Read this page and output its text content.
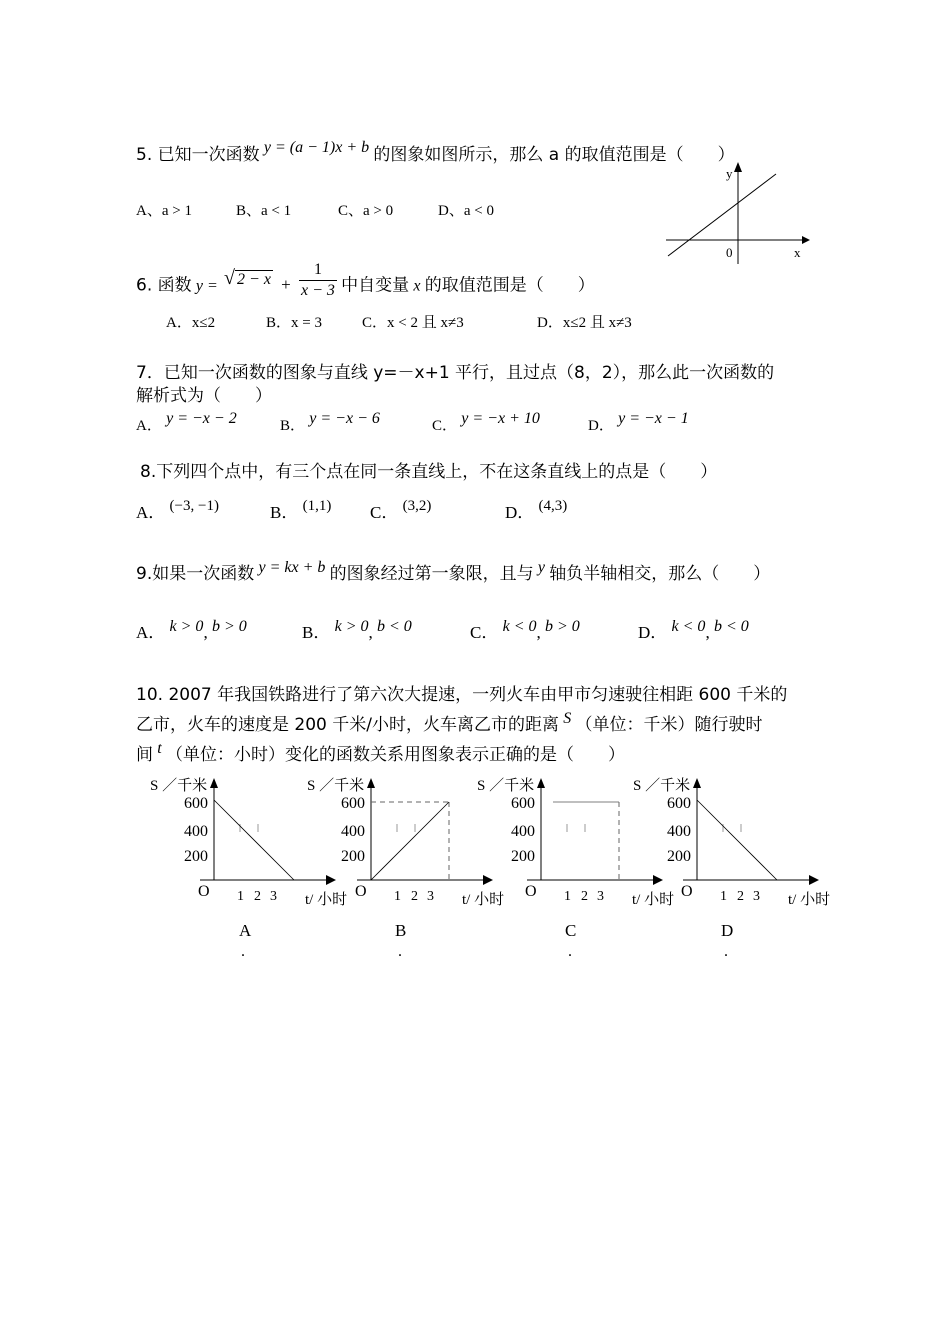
5. 已知一次函数 y = (a − 1)x + b 的图象如图所示，那么 a 的取值范围是（　　）
A、a > 1	B、a < 1	C、a > 0	D、a < 0
y
x
0
6. 函数 y = √ $2 - x + \frac{1}{x - 3}$ 中自变量 x 的取值范围是（　　）
A．x≤2	B．x = 3	C．x < 2 且 x≠3	D．x≤2 且 x≠3
7．已知一次函数的图象与直线 y=－x+1 平行，且过点（8，2），那么此一次函数的
解析式为（　　）
A． y = −x − 2	B． y = −x − 6	C． y = −x + 10	D． y = −x − 1
8.下列四个点中，有三个点在同一条直线上，不在这条直线上的点是（　　）
A． (−3, −1)	B． (1,1) C． (3,2)	D． (4,3)
9.如果一次函数 y = kx + b 的图象经过第一象限，且与 y 轴负半轴相交，那么（　　）
A． k > 0, b > 0	B． k > 0, b < 0	C． k < 0, b > 0	D． k < 0, b < 0
10. 2007 年我国铁路进行了第六次大提速，一列火车由甲市匀速驶往相距 600 千米的
乙市，火车的速度是 200 千米/小时，火车离乙市的距离 S （单位：千米）随行驶时
间 t （单位：小时）变化的函数关系用图象表示正确的是（　　）
S ／千米
600
400
200
O 1 2 3 t/ 小时
A
.
S ／千米
600
400
200
O 1 2 3 t/ 小时
B
.
S ／千米
600
400
200
O 1 2 3 t/ 小时
C
.
S ／千米
600
400
200
O 1 2 3 t/ 小时
D
.
